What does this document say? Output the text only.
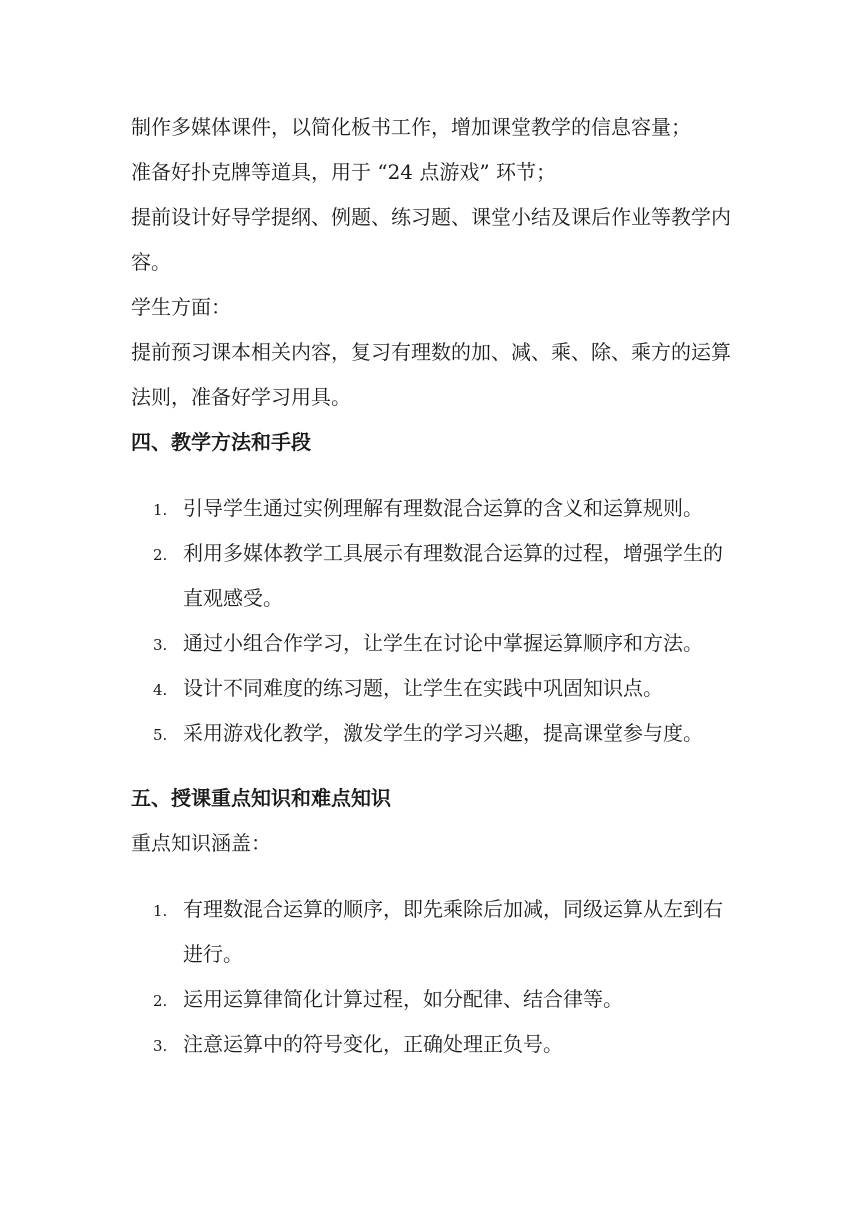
制作多媒体课件，以简化板书工作，增加课堂教学的信息容量；
准备好扑克牌等道具，用于 “24 点游戏” 环节；
提前设计好导学提纲、例题、练习题、课堂小结及课后作业等教学内
容。
学生方面：
提前预习课本相关内容，复习有理数的加、减、乘、除、乘方的运算
法则，准备好学习用具。
四、教学方法和手段
1. 引导学生通过实例理解有理数混合运算的含义和运算规则。
2. 利用多媒体教学工具展示有理数混合运算的过程，增强学生的
直观感受。
3. 通过小组合作学习，让学生在讨论中掌握运算顺序和方法。
4. 设计不同难度的练习题，让学生在实践中巩固知识点。
5. 采用游戏化教学，激发学生的学习兴趣，提高课堂参与度。
五、授课重点知识和难点知识
重点知识涵盖：
1. 有理数混合运算的顺序，即先乘除后加减，同级运算从左到右
进行。
2. 运用运算律简化计算过程，如分配律、结合律等。
3. 注意运算中的符号变化，正确处理正负号。
